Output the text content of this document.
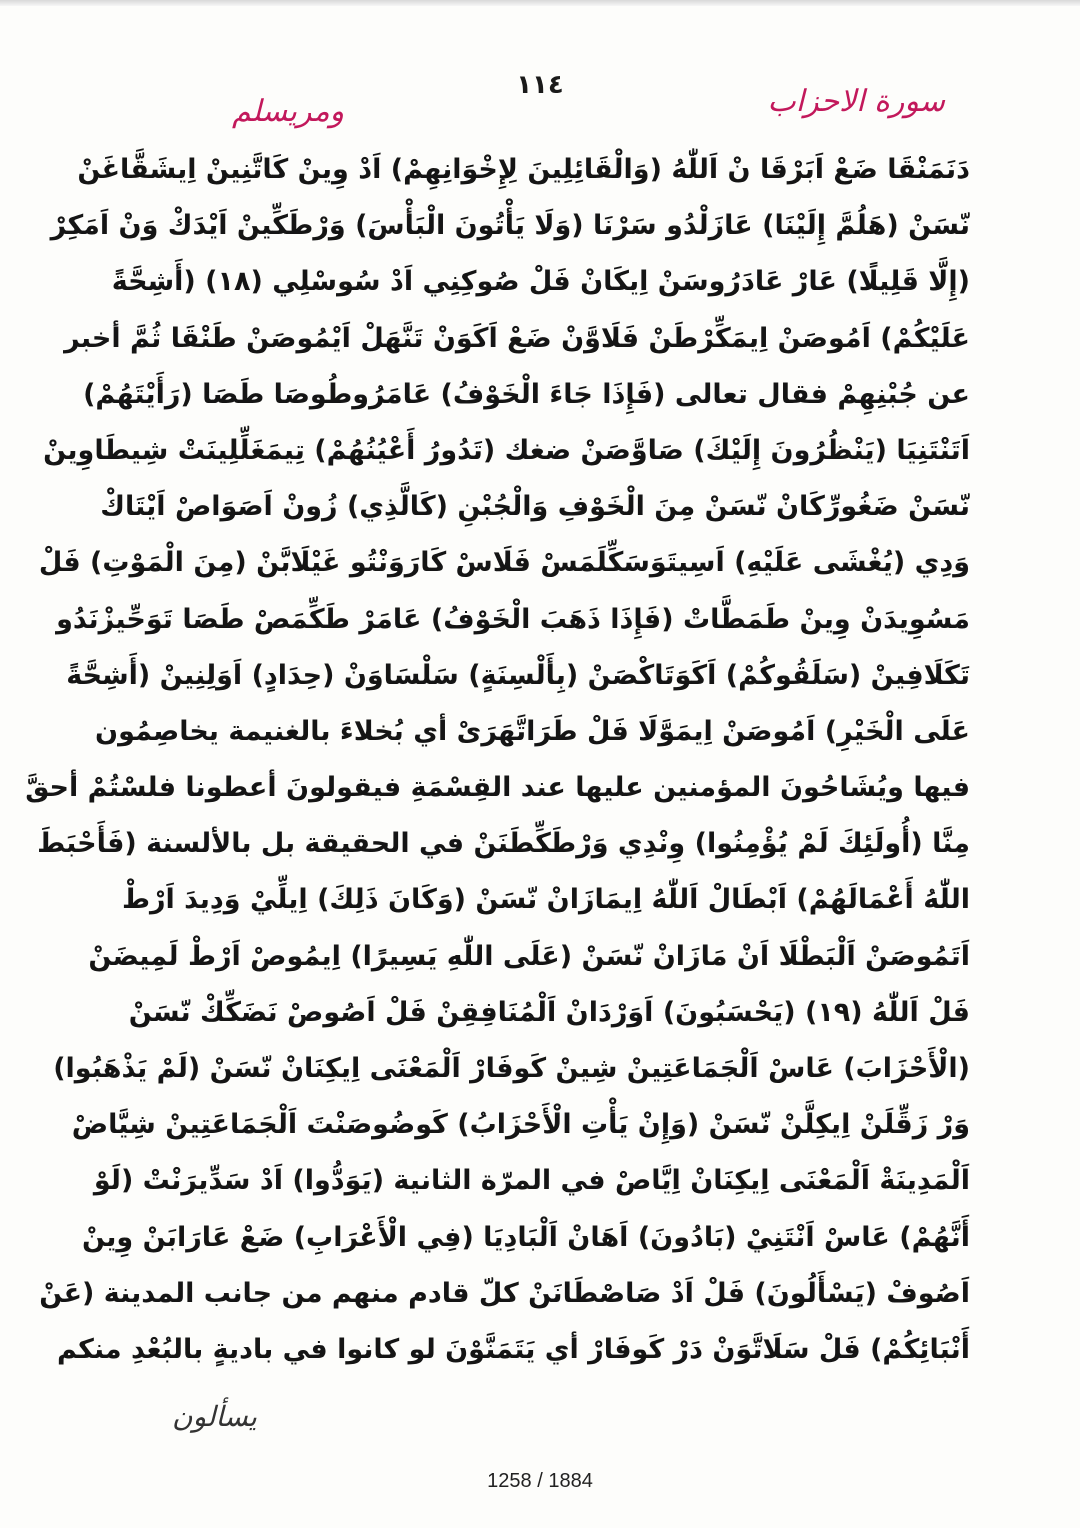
١١٤	سورة الاحزاب
ومريسلم
دَنَمَنْقَا ضَعْ اَبَرْقَا نْ اَللّٰهُ (وَالْقَائِلِينَ لِإِخْوَانِهِمْ) اَدْ وِينْ كَاتَّنِينْ اِيشَقَّاغَنْ
نّسَنْ (هَلُمَّ إِلَيْنَا) عَازَلْدُو سَرْنَا (وَلَا يَأْتُونَ الْبَأْسَ) وَرْطَكِّينْ اَيْدَكْ وَنْ اَمَكِرْ
(إِلَّا قَلِيلًا) عَارْ عَادَرُوسَنْ اِيكَانْ فَلْ صُوكِنِي اَدْ سُوسْلِي (١٨) (أَشِحَّةً
عَلَيْكُمْ) اَمُوصَنْ اِيمَكِّرْطَنْ فَلَاوَّنْ ضَعْ اَكَوَنْ تَنَّهَلْ اَيْمُوصَنْ طَنْقَا ثُمَّ أخبر
عن جُبْنِهِمْ فقال تعالى (فَإِذَا جَاءَ الْخَوْفُ) عَامَرُوطُوصَا طَصَا (رَأَيْتَهُمْ)
اَتَنْتَنِيَا (يَنْظُرُونَ إِلَيْكَ) صَاوَّصَنْ ضغك (تَدُورُ أَعْيُنُهُمْ) تِيمَغَلِّلِينَتْ شِيطَاوِينْ
نّسَنْ ضَغُورِّكَانْ نّسَنْ مِنَ الْخَوْفِ وَالْجُبْنِ (كَالَّذِي) زُونْ اَصَوَاصْ اَيْتَاكْ
وَدِي (يُغْشَى عَلَيْهِ) اَسِيتَوَسَكِّلَمَسْ فَلَاسْ كَارَوَنْتُو غَيْلَابَّنْ (مِنَ الْمَوْتِ) فَلْ
مَسُوِيدَنْ وِينْ طَمَطَّاتْ (فَإِذَا ذَهَبَ الْخَوْفُ) عَامَرْ طَكِّمَصْ طَصَا تَوَحِّيزْنَدُو
تَكَلَافِينْ (سَلَقُوكُمْ) اَكَوَتَاكْصَنْ (بِأَلْسِنَةٍ) سَلْسَاوَنْ (حِدَادٍ) اَوَلِنِينْ (أَشِحَّةً
عَلَى الْخَيْرِ) اَمُوصَنْ اِيمَوَّلَا فَلْ طَرَاتَّهَرَىْ أي بُخلاءَ بالغنيمة يخاصِمُون
فيها ويُشَاحُونَ المؤمنين عليها عند القِسْمَةِ فيقولونَ أعطونا فلسْتُمْ أحقَّ
مِنَّا (أُولَئِكَ لَمْ يُؤْمِنُوا) وِنْدِي وَرْطَكِّطَنَنْ في الحقيقة بل بالألسنة (فَأَحْبَطَ
اللّٰهُ أَعْمَالَهُمْ) اَبْطَالْ اَللّٰهُ اِيمَازَانْ نّسَنْ (وَكَانَ ذَلِكَ) اِيلِّيْ وَدِيدَ اَرْطْ
اَتَمُوصَنْ اَلْبَطْلَا اَنْ مَازَانْ نّسَنْ (عَلَى اللّٰهِ يَسِيرًا) اِيمُوصْ اَرْطْ لَمِيضَنْ
فَلْ اَللّٰهُ (١٩) (يَحْسَبُونَ) اَوَرْدَانْ اَلْمُنَافِقِنْ فَلْ اَصُوصْ نَضَكِّكْ نّسَنْ
(الْأَحْزَابَ) عَاسْ اَلْجَمَاعَتِينْ شِينْ كَوفَارْ اَلْمَعْنَى اِيكِنَانْ نّسَنْ (لَمْ يَذْهَبُوا)
وَرْ زَقِّلَنْ اِيكِلَّنْ نّسَنْ (وَإِنْ يَأْتِ الْأَحْزَابُ) كَوضُوصَنْتَ اَلْجَمَاعَتِينْ شِيَّاضْ
اَلْمَدِينَةْ اَلْمَعْنَى اِيكِنَانْ اِيَّاصْ في المرّة الثانية (يَوَدُّوا) اَدْ سَدِّيرَنْتْ (لَوْ
أَنَّهُمْ) عَاسْ اَنْتَنِيْ (بَادُونَ) اَهَانْ اَلْبَادِيَا (فِي الْأَعْرَابِ) ضَعْ عَارَابَنْ وِينْ
اَصُوفْ (يَسْأَلُونَ) فَلْ اَدْ صَاصْطَانَنْ كلّ قادم منهم من جانب المدينة (عَنْ
أَنْبَائِكُمْ) فَلْ سَلَاتَّوَنْ دَرْ كَوفَارْ أي يَتَمَنَّوْنَ لو كانوا في باديةٍ بالبُعْدِ منكم
يسألون
1258 / 1884
